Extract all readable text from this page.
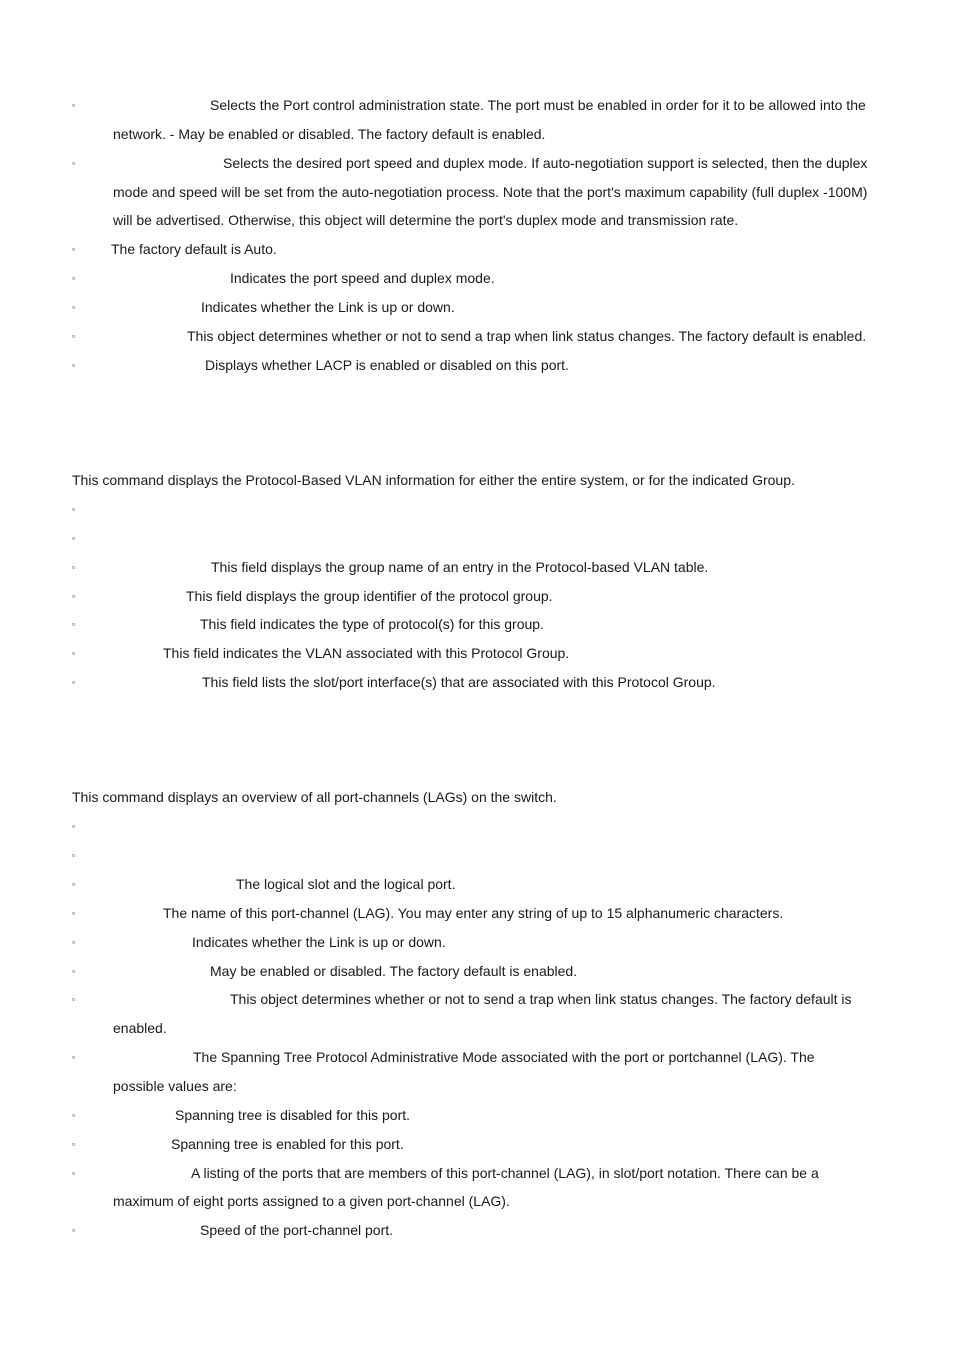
▫	Selects the Port control administration state. The port must be enabled in order for it to be allowed into the
network. - May be enabled or disabled. The factory default is enabled.
▫	Selects the desired port speed and duplex mode. If auto-negotiation support is selected, then the duplex
mode and speed will be set from the auto-negotiation process. Note that the port's maximum capability (full duplex -100M)
will be advertised. Otherwise, this object will determine the port's duplex mode and transmission rate.
▫	The factory default is Auto.
▫	Indicates the port speed and duplex mode.
▫	Indicates whether the Link is up or down.
▫	This object determines whether or not to send a trap when link status changes. The factory default is enabled.
▫	Displays whether LACP is enabled or disabled on this port.
This command displays the Protocol-Based VLAN information for either the entire system, or for the indicated Group.
▫
▫
▫	This field displays the group name of an entry in the Protocol-based VLAN table.
▫	This field displays the group identifier of the protocol group.
▫	This field indicates the type of protocol(s) for this group.
▫	This field indicates the VLAN associated with this Protocol Group.
▫	This field lists the slot/port interface(s) that are associated with this Protocol Group.
This command displays an overview of all port-channels (LAGs) on the switch.
▫
▫
▫	The logical slot and the logical port.
▫	The name of this port-channel (LAG). You may enter any string of up to 15 alphanumeric characters.
▫	Indicates whether the Link is up or down.
▫	May be enabled or disabled. The factory default is enabled.
▫	This object determines whether or not to send a trap when link status changes. The factory default is
enabled.
▫	The Spanning Tree Protocol Administrative Mode associated with the port or portchannel (LAG). The
possible values are:
▫	Spanning tree is disabled for this port.
▫	Spanning tree is enabled for this port.
▫	A listing of the ports that are members of this port-channel (LAG), in slot/port notation. There can be a
maximum of eight ports assigned to a given port-channel (LAG).
▫	Speed of the port-channel port.
